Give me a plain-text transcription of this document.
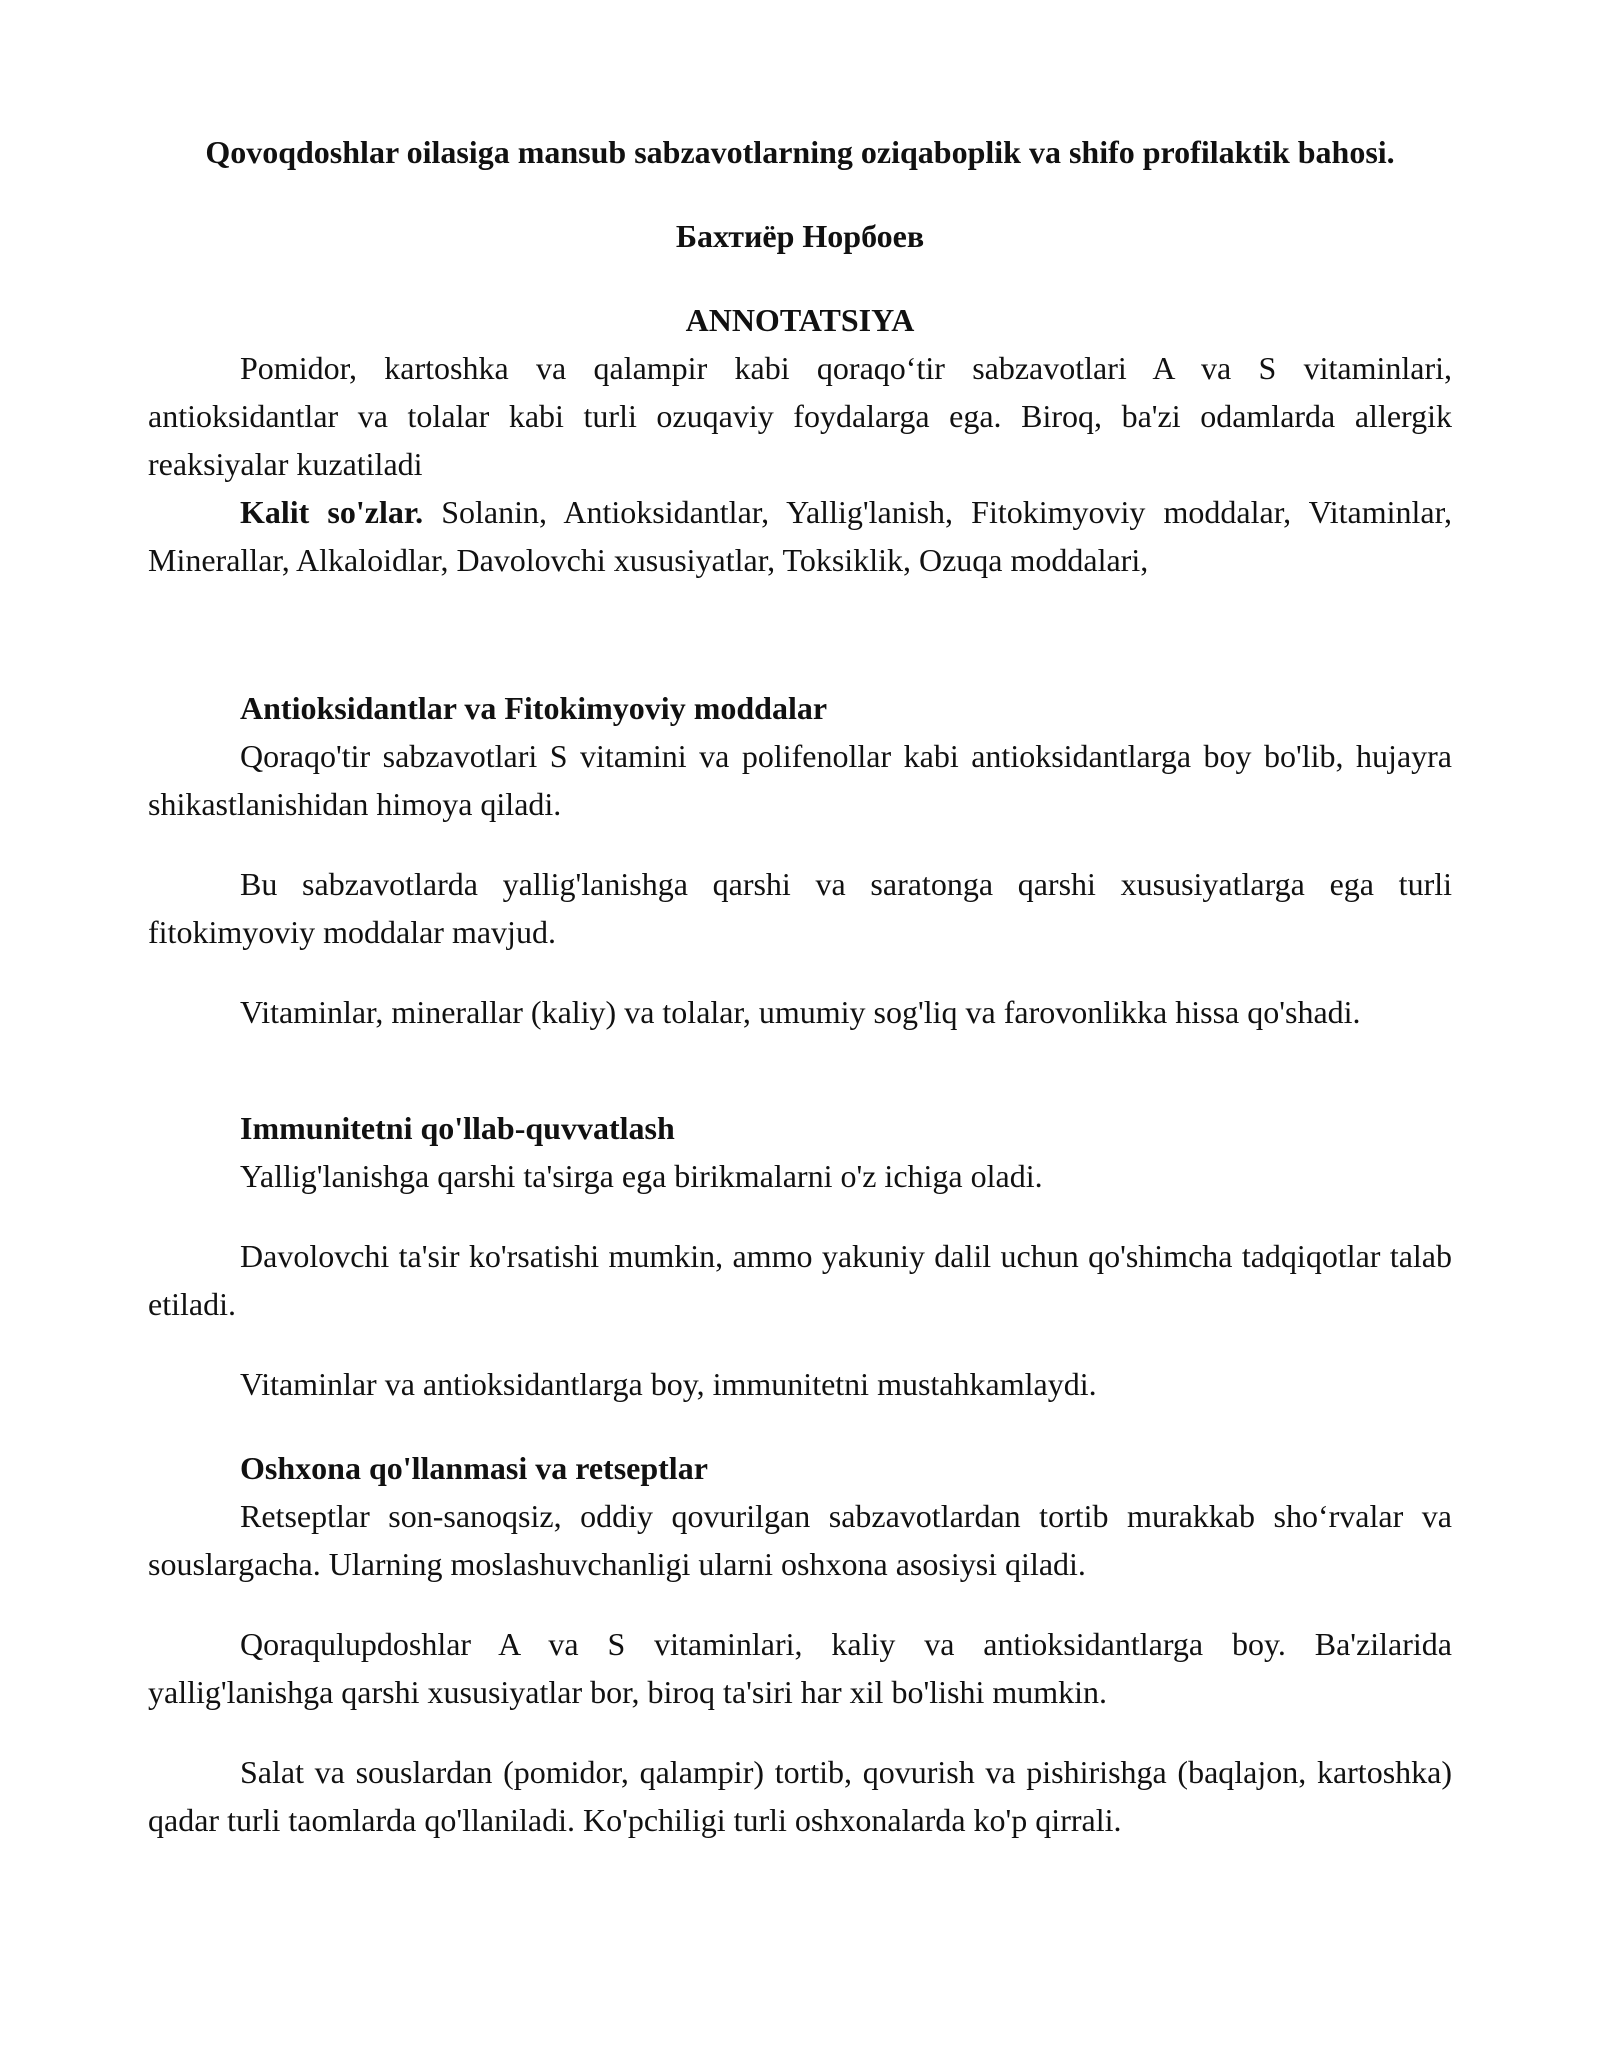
Qovoqdoshlar oilasiga mansub sabzavotlarning oziqaboplik va shifo profilaktik bahosi.
Бахтиёр Норбоев
ANNOTATSIYA

Pomidor, kartoshka va qalampir kabi qoraqo‘tir sabzavotlari A va S vitaminlari, antioksidantlar va tolalar kabi turli ozuqaviy foydalarga ega. Biroq, ba'zi odamlarda allergik reaksiyalar kuzatiladi

Kalit so'zlar. Solanin, Antioksidantlar, Yallig'lanish, Fitokimyoviy moddalar, Vitaminlar, Minerallar, Alkaloidlar, Davolovchi xususiyatlar, Toksiklik, Ozuqa moddalari,

Antioksidantlar va Fitokimyoviy moddalar

Qoraqo'tir sabzavotlari S vitamini va polifenollar kabi antioksidantlarga boy bo'lib, hujayra shikastlanishidan himoya qiladi.

Bu sabzavotlarda yallig'lanishga qarshi va saratonga qarshi xususiyatlarga ega turli fitokimyoviy moddalar mavjud.

Vitaminlar, minerallar (kaliy) va tolalar, umumiy sog'liq va farovonlikka hissa qo'shadi.

Immunitetni qo'llab-quvvatlash

Yallig'lanishga qarshi ta'sirga ega birikmalarni o'z ichiga oladi.

Davolovchi ta'sir ko'rsatishi mumkin, ammo yakuniy dalil uchun qo'shimcha tadqiqotlar talab etiladi.

Vitaminlar va antioksidantlarga boy, immunitetni mustahkamlaydi.

Oshxona qo'llanmasi va retseptlar

Retseptlar son-sanoqsiz, oddiy qovurilgan sabzavotlardan tortib murakkab sho‘rvalar va souslargacha. Ularning moslashuvchanligi ularni oshxona asosiysi qiladi.

Qoraqulupdoshlar A va S vitaminlari, kaliy va antioksidantlarga boy. Ba'zilarida yallig'lanishga qarshi xususiyatlar bor, biroq ta'siri har xil bo'lishi mumkin.

Salat va souslardan (pomidor, qalampir) tortib, qovurish va pishirishga (baqlajon, kartoshka) qadar turli taomlarda qo'llaniladi. Ko'pchiligi turli oshxonalarda ko'p qirrali.
